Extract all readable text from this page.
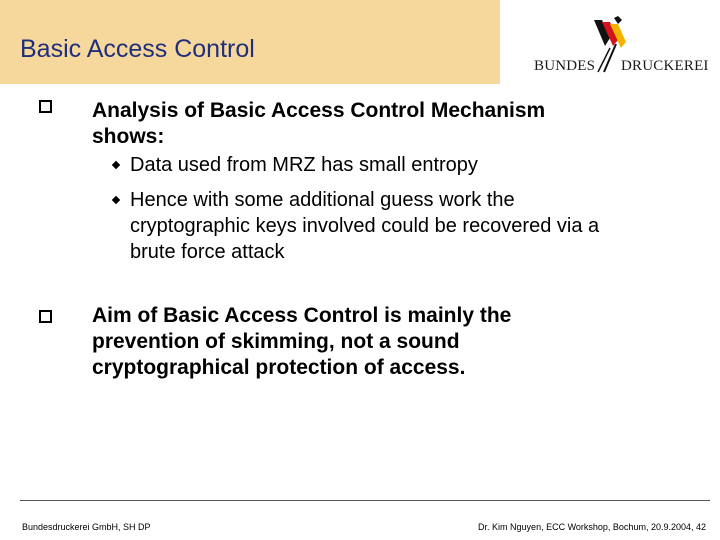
Basic Access Control
BUNDES DRUCKEREI
Analysis of Basic Access Control Mechanism
shows:
Data used from MRZ has small entropy
Hence with some additional guess work the
cryptographic keys involved could be recovered via a
brute force attack
Aim of Basic Access Control is mainly the
prevention of skimming, not a sound
cryptographical protection of access.
Bundesdruckerei GmbH, SH DP	Dr. Kim Nguyen, ECC Workshop, Bochum, 20.9.2004, 42
